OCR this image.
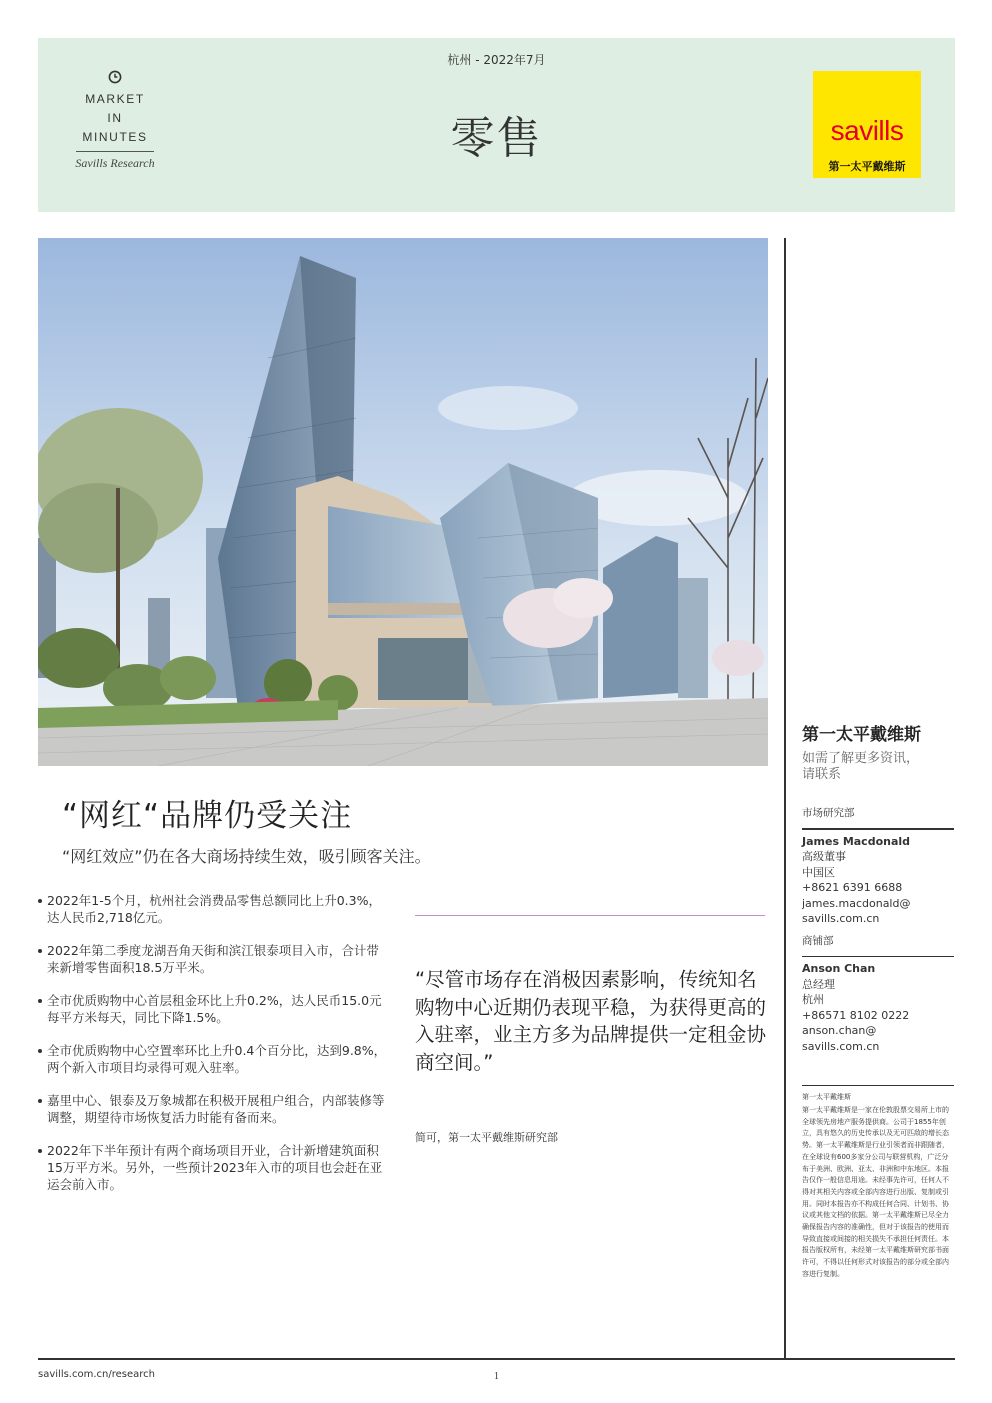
MARKET
IN
MINUTES
Savills Research
杭州 - 2022年7月
零售	savills
第一太平戴维斯
“网红“品牌仍受关注
“网红效应”仍在各大商场持续生效，吸引顾客关注。
2022年1-5个月，杭州社会消费品零售总额同比上升0.3%，达人民币2,718亿元。
2022年第二季度龙湖吾角天街和滨江银泰项目入市，合计带来新增零售面积18.5万平米。
全市优质购物中心首层租金环比上升0.2%，达人民币15.0元每平方米每天，同比下降1.5%。
全市优质购物中心空置率环比上升0.4个百分比，达到9.8%，两个新入市项目均录得可观入驻率。
嘉里中心、银泰及万象城都在积极开展租户组合，内部装修等调整，期望待市场恢复活力时能有备而来。
2022年下半年预计有两个商场项目开业，合计新增建筑面积15万平方米。另外，一些预计2023年入市的项目也会赶在亚运会前入市。
“尽管市场存在消极因素影响，传统知名购物中心近期仍表现平稳，为获得更高的入驻率，业主方多为品牌提供一定租金协商空间。”
简可，第一太平戴维斯研究部
第一太平戴维斯
如需了解更多资讯，
请联系
市场研究部
James Macdonald
高级董事
中国区
+8621 6391 6688
james.macdonald@
savills.com.cn
商铺部
Anson Chan
总经理
杭州
+86571 8102 0222
anson.chan@
savills.com.cn
第一太平戴维斯
第一太平戴维斯是一家在伦敦股票交易所上市的全球领先房地产服务提供商。公司于1855年创立，具有悠久的历史传承以及无可匹敌的增长态势。第一太平戴维斯是行业引领者而非跟随者，在全球设有600多家分公司与联营机构，广泛分布于美洲、欧洲、亚太、非洲和中东地区。本报告仅作一般信息用途。未经事先许可，任何人不得对其相关内容或全部内容进行出版、复制或引用。同时本报告亦不构成任何合同、计划书、协议或其他文档的依据。第一太平戴维斯已尽全力确保报告内容的准确性，但对于该报告的使用而导致直接或间接的相关损失不承担任何责任。本报告版权所有，未经第一太平戴维斯研究部书面许可，不得以任何形式对该报告的部分或全部内容进行复制。
savills.com.cn/research	1
